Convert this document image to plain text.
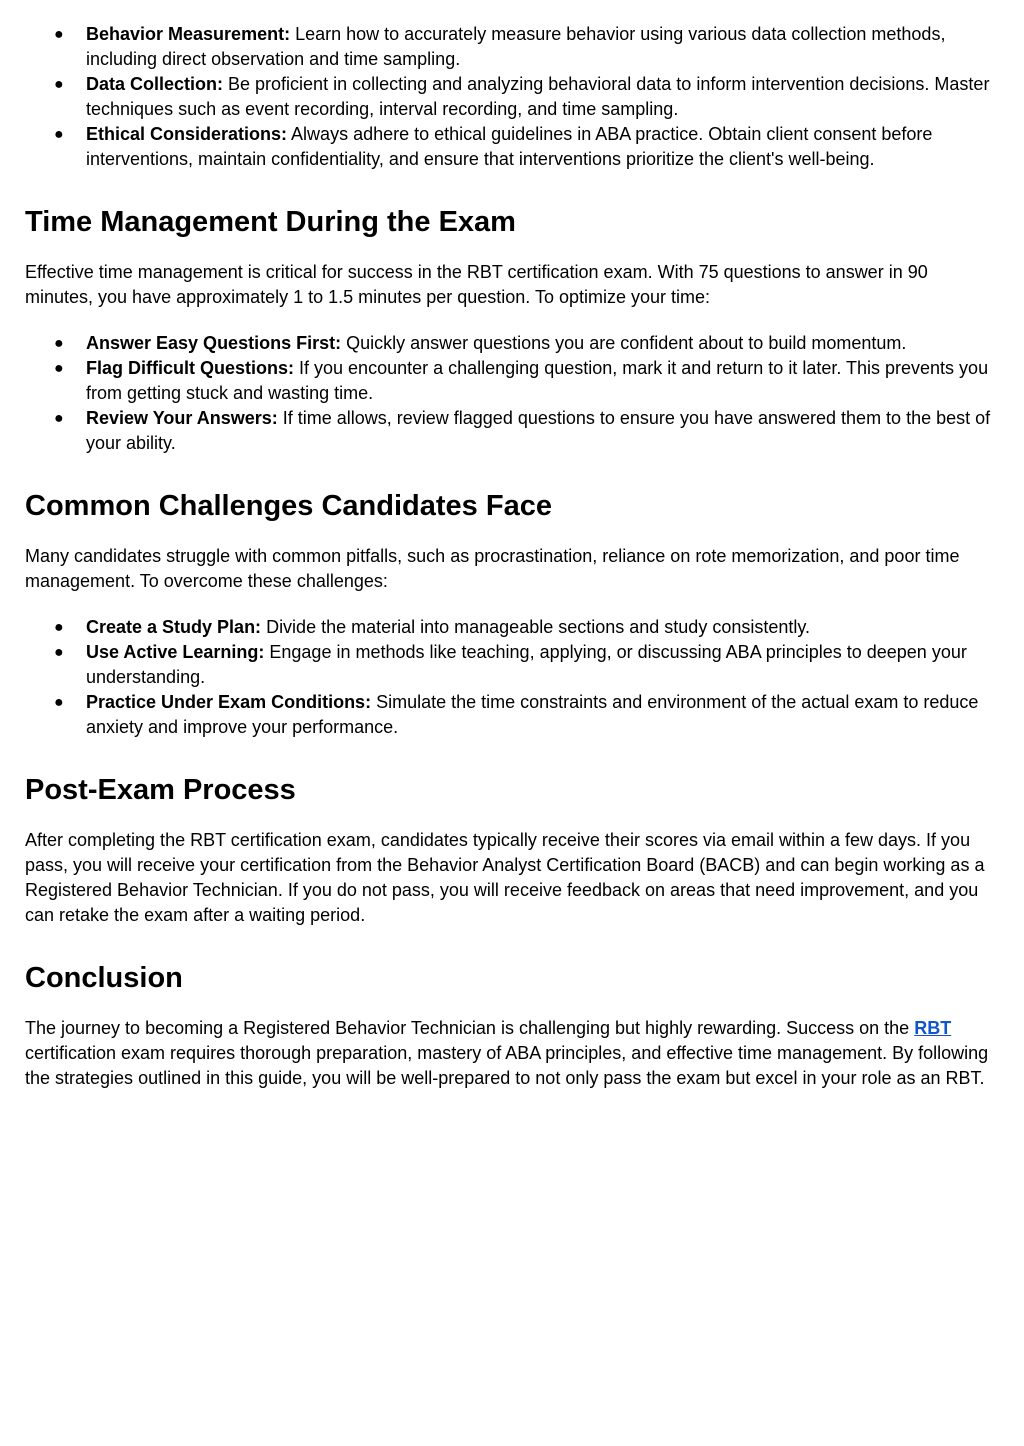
● Behavior Measurement: Learn how to accurately measure behavior using various data collection methods, including direct observation and time sampling.
● Data Collection: Be proficient in collecting and analyzing behavioral data to inform intervention decisions. Master techniques such as event recording, interval recording, and time sampling.
● Ethical Considerations: Always adhere to ethical guidelines in ABA practice. Obtain client consent before interventions, maintain confidentiality, and ensure that interventions prioritize the client's well-being.
Time Management During the Exam

Effective time management is critical for success in the RBT certification exam. With 75 questions to answer in 90 minutes, you have approximately 1 to 1.5 minutes per question. To optimize your time:

● Answer Easy Questions First: Quickly answer questions you are confident about to build momentum.
● Flag Difficult Questions: If you encounter a challenging question, mark it and return to it later. This prevents you from getting stuck and wasting time.
● Review Your Answers: If time allows, review flagged questions to ensure you have answered them to the best of your ability.
Common Challenges Candidates Face

Many candidates struggle with common pitfalls, such as procrastination, reliance on rote memorization, and poor time management. To overcome these challenges:

● Create a Study Plan: Divide the material into manageable sections and study consistently.
● Use Active Learning: Engage in methods like teaching, applying, or discussing ABA principles to deepen your understanding.
● Practice Under Exam Conditions: Simulate the time constraints and environment of the actual exam to reduce anxiety and improve your performance.
Post-Exam Process

After completing the RBT certification exam, candidates typically receive their scores via email within a few days. If you pass, you will receive your certification from the Behavior Analyst Certification Board (BACB) and can begin working as a Registered Behavior Technician. If you do not pass, you will receive feedback on areas that need improvement, and you can retake the exam after a waiting period.

Conclusion

The journey to becoming a Registered Behavior Technician is challenging but highly rewarding. Success on the RBT certification exam requires thorough preparation, mastery of ABA principles, and effective time management. By following the strategies outlined in this guide, you will be well-prepared to not only pass the exam but excel in your role as an RBT.
